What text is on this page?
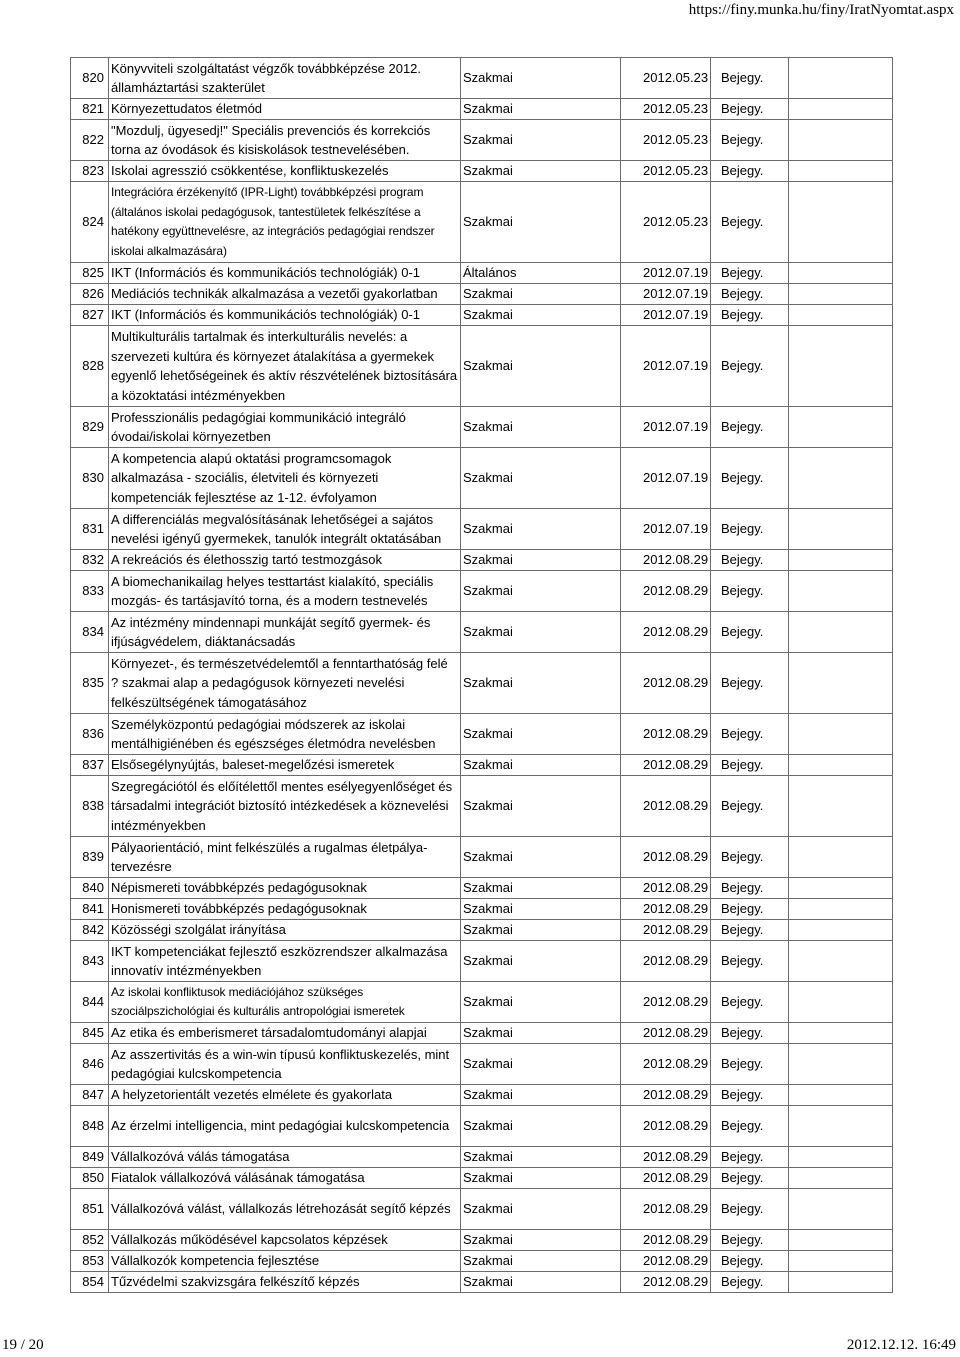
https://finy.munka.hu/finy/IratNyomtat.aspx
820	Könyvviteli szolgáltatást végzők továbbképzése 2012. államháztartási szakterület	Szakmai	2012.05.23	Bejegy.	
821	Környezettudatos életmód	Szakmai	2012.05.23	Bejegy.	
822	"Mozdulj, ügyesedj!" Speciális prevenciós és korrekciós torna az óvodások és kisiskolások testnevelésében.	Szakmai	2012.05.23	Bejegy.	
823	Iskolai agresszió csökkentése, konfliktuskezelés	Szakmai	2012.05.23	Bejegy.	
824	Integrációra érzékenyítő (IPR-Light) továbbképzési program (általános iskolai pedagógusok, tantestületek felkészítése a hatékony együttnevelésre, az integrációs pedagógiai rendszer iskolai alkalmazására)	Szakmai	2012.05.23	Bejegy.	
825	IKT (Információs és kommunikációs technológiák) 0-1	Általános	2012.07.19	Bejegy.	
826	Mediációs technikák alkalmazása a vezetői gyakorlatban	Szakmai	2012.07.19	Bejegy.	
827	IKT (Információs és kommunikációs technológiák) 0-1	Szakmai	2012.07.19	Bejegy.	
828	Multikulturális tartalmak és interkulturális nevelés: a szervezeti kultúra és környezet átalakítása a gyermekek egyenlő lehetőségeinek és aktív részvételének biztosítására a közoktatási intézményekben	Szakmai	2012.07.19	Bejegy.	
829	Professzionális pedagógiai kommunikáció integráló óvodai/iskolai környezetben	Szakmai	2012.07.19	Bejegy.	
830	A kompetencia alapú oktatási programcsomagok alkalmazása - szociális, életviteli és környezeti kompetenciák fejlesztése az 1-12. évfolyamon	Szakmai	2012.07.19	Bejegy.	
831	A differenciálás megvalósításának lehetőségei a sajátos nevelési igényű gyermekek, tanulók integrált oktatásában	Szakmai	2012.07.19	Bejegy.	
832	A rekreációs és élethosszig tartó testmozgások	Szakmai	2012.08.29	Bejegy.	
833	A biomechanikailag helyes testtartást kialakító, speciális mozgás- és tartásjavító torna, és a modern testnevelés	Szakmai	2012.08.29	Bejegy.	
834	Az intézmény mindennapi munkáját segítő gyermek- és ifjúságvédelem, diáktanácsadás	Szakmai	2012.08.29	Bejegy.	
835	Környezet-, és természetvédelemtől a fenntarthatóság felé ? szakmai alap a pedagógusok környezeti nevelési felkészültségének támogatásához	Szakmai	2012.08.29	Bejegy.	
836	Személyközpontú pedagógiai módszerek az iskolai mentálhigiénében és egészséges életmódra nevelésben	Szakmai	2012.08.29	Bejegy.	
837	Elsősegélynyújtás, baleset-megelőzési ismeretek	Szakmai	2012.08.29	Bejegy.	
838	Szegregációtól és előítélettől mentes esélyegyenlőséget és társadalmi integrációt biztosító intézkedések a köznevelési intézményekben	Szakmai	2012.08.29	Bejegy.	
839	Pályaorientáció, mint felkészülés a rugalmas életpálya-tervezésre	Szakmai	2012.08.29	Bejegy.	
840	Népismereti továbbképzés pedagógusoknak	Szakmai	2012.08.29	Bejegy.	
841	Honismereti továbbképzés pedagógusoknak	Szakmai	2012.08.29	Bejegy.	
842	Közösségi szolgálat irányítása	Szakmai	2012.08.29	Bejegy.	
843	IKT kompetenciákat fejlesztő eszközrendszer alkalmazása innovatív intézményekben	Szakmai	2012.08.29	Bejegy.	
844	Az iskolai konfliktusok mediációjához szükséges szociálpszichológiai és kulturális antropológiai ismeretek	Szakmai	2012.08.29	Bejegy.	
845	Az etika és emberismeret társadalomtudományi alapjai	Szakmai	2012.08.29	Bejegy.	
846	Az asszertivitás és a win-win típusú konfliktuskezelés, mint pedagógiai kulcskompetencia	Szakmai	2012.08.29	Bejegy.	
847	A helyzetorientált vezetés elmélete és gyakorlata	Szakmai	2012.08.29	Bejegy.	
848	Az érzelmi intelligencia, mint pedagógiai kulcskompetencia	Szakmai	2012.08.29	Bejegy.	
849	Vállalkozóvá válás támogatása	Szakmai	2012.08.29	Bejegy.	
850	Fiatalok vállalkozóvá válásának támogatása	Szakmai	2012.08.29	Bejegy.	
851	Vállalkozóvá válást, vállalkozás létrehozását segítő képzés	Szakmai	2012.08.29	Bejegy.	
852	Vállalkozás működésével kapcsolatos képzések	Szakmai	2012.08.29	Bejegy.	
853	Vállalkozók kompetencia fejlesztése	Szakmai	2012.08.29	Bejegy.	
854	Tűzvédelmi szakvizsgára felkészítő képzés	Szakmai	2012.08.29	Bejegy.	
19 / 20	2012.12.12. 16:49
